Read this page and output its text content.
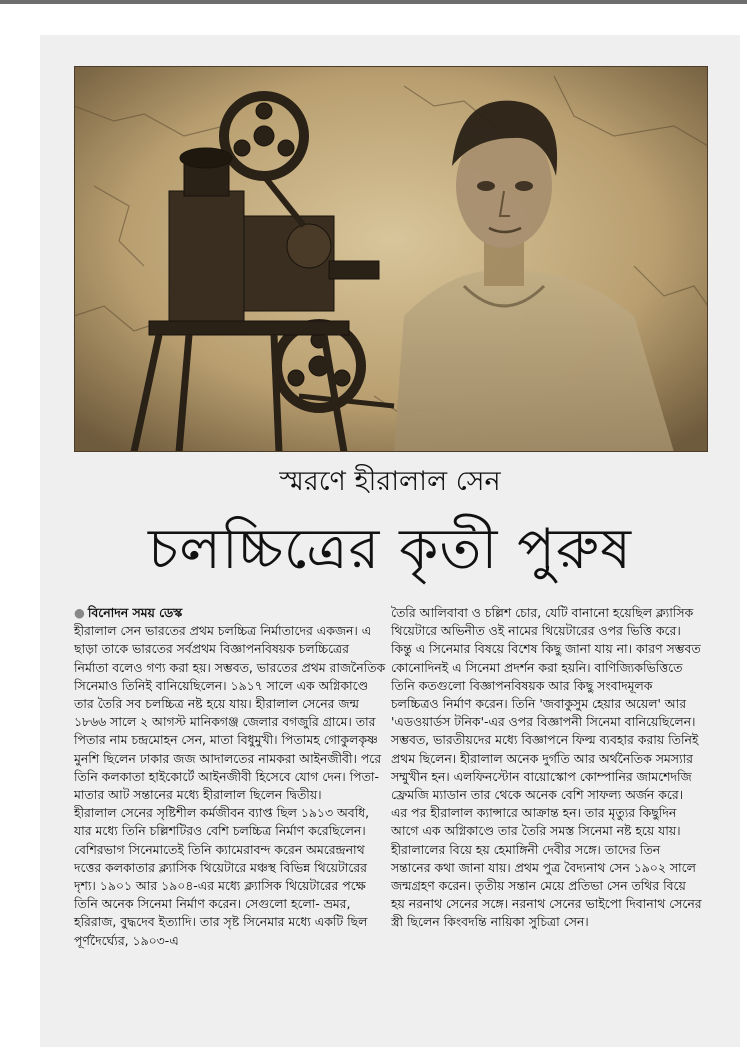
স্মরণে হীরালাল সেন
চলচ্চিত্রের কৃতী পুরুষ

● বিনোদন সময় ডেস্ক

হীরালাল সেন ভারতের প্রথম চলচ্চিত্র নির্মাতাদের একজন। এ ছাড়া তাকে ভারতের সর্বপ্রথম বিজ্ঞাপনবিষয়ক চলচ্চিত্রের নির্মাতা বলেও গণ্য করা হয়। সম্ভবত, ভারতের প্রথম রাজনৈতিক সিনেমাও তিনিই বানিয়েছিলেন। ১৯১৭ সালে এক অগ্নিকাণ্ডে তার তৈরি সব চলচ্চিত্র নষ্ট হয়ে যায়। হীরালাল সেনের জন্ম ১৮৬৬ সালে ২ আগস্ট মানিকগঞ্জ জেলার বগজুরি গ্রামে। তার পিতার নাম চন্দ্রমোহন সেন, মাতা বিধুমুখী। পিতামহ গোকুলকৃষ্ণ মুনশি ছিলেন ঢাকার জজ আদালতের নামকরা আইনজীবী। পরে তিনি কলকাতা হাইকোর্টে আইনজীবী হিসেবে যোগ দেন। পিতা-মাতার আট সন্তানের মধ্যে হীরালাল ছিলেন দ্বিতীয়।

হীরালাল সেনের সৃষ্টিশীল কর্মজীবন ব্যাপ্ত ছিল ১৯১৩ অবধি, যার মধ্যে তিনি চল্লিশটিরও বেশি চলচ্চিত্র নির্মাণ করেছিলেন। বেশিরভাগ সিনেমাতেই তিনি ক্যামেরাবন্দ করেন অমরেন্দ্রনাথ দত্তের কলকাতার ক্ল্যাসিক থিয়েটারে মঞ্চস্থ বিভিন্ন থিয়েটারের দৃশ্য। ১৯০১ আর ১৯০৪-এর মধ্যে ক্ল্যাসিক থিয়েটারের পক্ষে তিনি অনেক সিনেমা নির্মাণ করেন। সেগুলো হলো- ভ্রমর, হরিরাজ, বুদ্ধদেব ইত্যাদি। তার সৃষ্ট সিনেমার মধ্যে একটি ছিল পূর্ণদৈর্ঘ্যের, ১৯০৩-এ

তৈরি আলিবাবা ও চল্লিশ চোর, যেটি বানানো হয়েছিল ক্ল্যাসিক থিয়েটারে অভিনীত ওই নামের থিয়েটারের ওপর ভিত্তি করে। কিন্তু এ সিনেমার বিষয়ে বিশেষ কিছু জানা যায় না। কারণ সম্ভবত কোনোদিনই এ সিনেমা প্রদর্শন করা হয়নি। বাণিজ্যিকভিত্তিতে তিনি কতগুলো বিজ্ঞাপনবিষয়ক আর কিছু সংবাদমূলক চলচ্চিত্রও নির্মাণ করেন। তিনি 'জবাকুসুম হেয়ার অয়েল' আর 'এডওয়ার্ডস টনিক'-এর ওপর বিজ্ঞাপনী সিনেমা বানিয়েছিলেন। সম্ভবত, ভারতীয়দের মধ্যে বিজ্ঞাপনে ফিল্ম ব্যবহার করায় তিনিই প্রথম ছিলেন। হীরালাল অনেক দুর্গতি আর অর্থনৈতিক সমস্যার সম্মুখীন হন। এলফিনস্টোন বায়োস্কোপ কোম্পানির জামশেদজি ফ্রেমজি ম্যাডান তার থেকে অনেক বেশি সাফল্য অর্জন করে। এর পর হীরালাল ক্যান্সারে আক্রান্ত হন। তার মৃত্যুর কিছুদিন আগে এক অগ্নিকাণ্ডে তার তৈরি সমস্ত সিনেমা নষ্ট হয়ে যায়।

হীরালালের বিয়ে হয় হেমাঙ্গিনী দেবীর সঙ্গে। তাদের তিন সন্তানের কথা জানা যায়। প্রথম পুত্র বৈদ্যনাথ সেন ১৯০২ সালে জন্মগ্রহণ করেন। তৃতীয় সন্তান মেয়ে প্রতিভা সেন তথির বিয়ে হয় নরনাথ সেনের সঙ্গে। নরনাথ সেনের ভাইপো দিবানাথ সেনের স্ত্রী ছিলেন কিংবদন্তি নায়িকা সুচিত্রা সেন।
